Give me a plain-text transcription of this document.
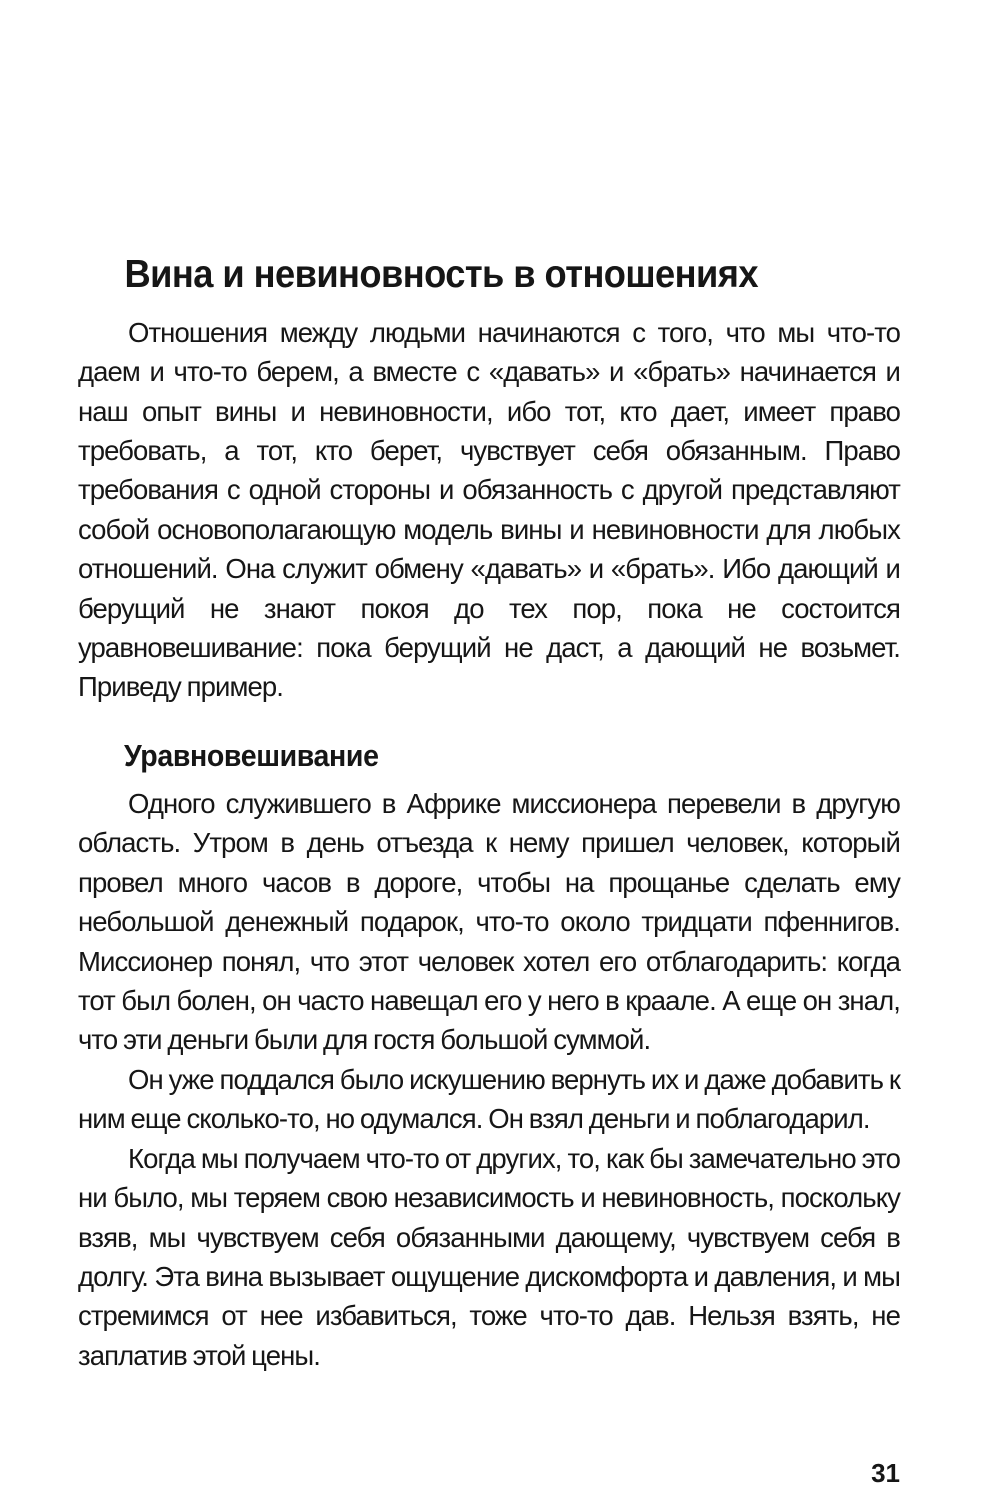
Вина и невиновность в отношениях

Отношения между людьми начинаются с того, что мы что-то даем и что-то берем, а вместе с «давать» и «брать» начинается и наш опыт вины и невиновности, ибо тот, кто дает, имеет право требовать, а тот, кто берет, чувствует себя обязанным. Право требования с одной стороны и обязанность с другой представляют собой основополагающую модель вины и невиновности для любых отношений. Она служит обмену «давать» и «брать». Ибо дающий и берущий не знают покоя до тех пор, пока не состоится уравновешивание: пока берущий не даст, а дающий не возьмет. Приведу пример.

Уравновешивание

Одного служившего в Африке миссионера перевели в другую область. Утром в день отъезда к нему пришел человек, который провел много часов в дороге, чтобы на прощанье сделать ему небольшой денежный подарок, что-то около тридцати пфеннигов. Миссионер понял, что этот человек хотел его отблагодарить: когда тот был болен, он часто навещал его у него в краале. А еще он знал, что эти деньги были для гостя большой суммой.

Он уже поддался было искушению вернуть их и даже добавить к ним еще сколько-то, но одумался. Он взял деньги и поблагодарил.

Когда мы получаем что-то от других, то, как бы замечательно это ни было, мы теряем свою независимость и невиновность, поскольку взяв, мы чувствуем себя обязанными дающему, чувствуем себя в долгу. Эта вина вызывает ощущение дискомфорта и давления, и мы стремимся от нее избавиться, тоже что-то дав. Нельзя взять, не заплатив этой цены.

31
